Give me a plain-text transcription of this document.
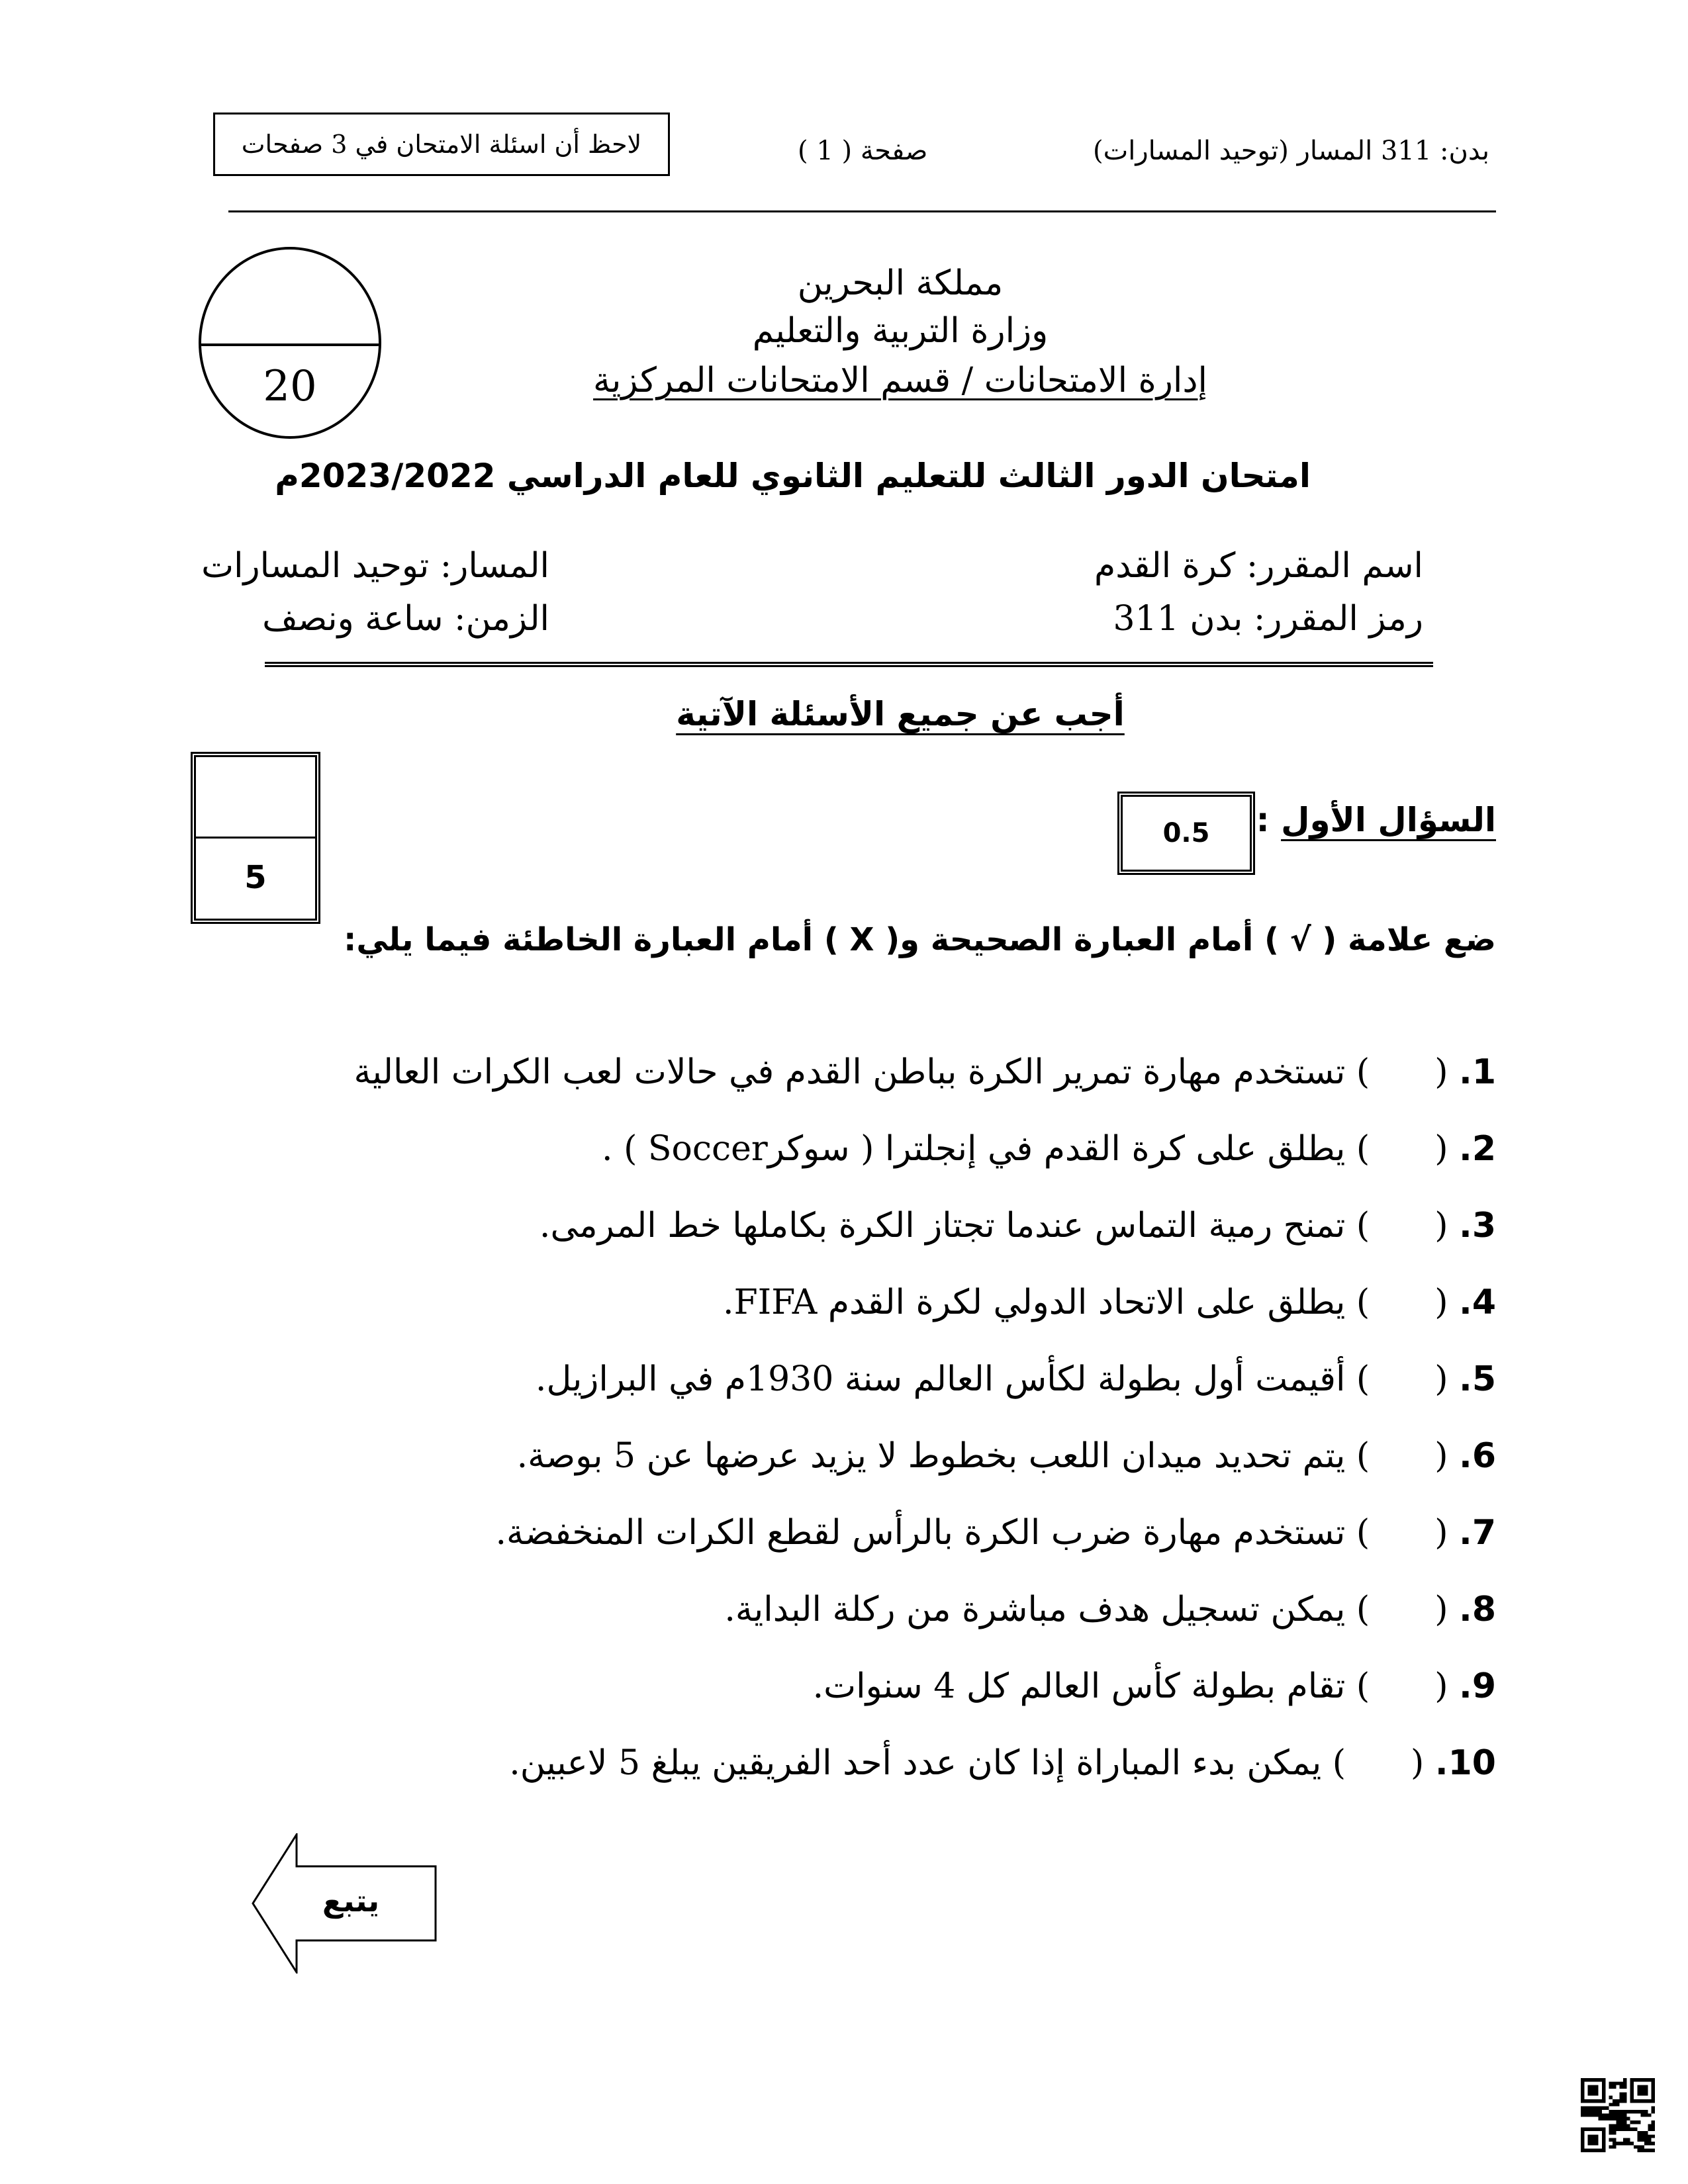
بدن: 311 المسار (توحيد المسارات)
صفحة ( 1 )
لاحظ أن اسئلة الامتحان في 3 صفحات
20
مملكة البحرين
وزارة التربية والتعليم
إدارة الامتحانات / قسم الامتحانات المركزية
امتحان الدور الثالث للتعليم الثانوي للعام الدراسي 2023/2022م
اسم المقرر: كرة القدم
رمز المقرر: بدن 311
المسار: توحيد المسارات
الزمن: ساعة ونصف
أجب عن جميع الأسئلة الآتية
5
السؤال الأول :
0.5
ضع علامة ( √ ) أمام العبارة الصحيحة و( X ) أمام العبارة الخاطئة فيما يلي:
1. () تستخدم مهارة تمرير الكرة بباطن القدم في حالات لعب الكرات العالية
2. () يطلق على كرة القدم في إنجلترا ( سوكرSoccer ) .
3. () تمنح رمية التماس عندما تجتاز الكرة بكاملها خط المرمى.
4. () يطلق على الاتحاد الدولي لكرة القدم FIFA.
5. () أقيمت أول بطولة لكأس العالم سنة 1930م في البرازيل.
6. () يتم تحديد ميدان اللعب بخطوط لا يزيد عرضها عن 5 بوصة.
7. () تستخدم مهارة ضرب الكرة بالرأس لقطع الكرات المنخفضة.
8. () يمكن تسجيل هدف مباشرة من ركلة البداية.
9. () تقام بطولة كأس العالم كل 4 سنوات.
10. () يمكن بدء المباراة إذا كان عدد أحد الفريقين يبلغ 5 لاعبين.
يتبع
